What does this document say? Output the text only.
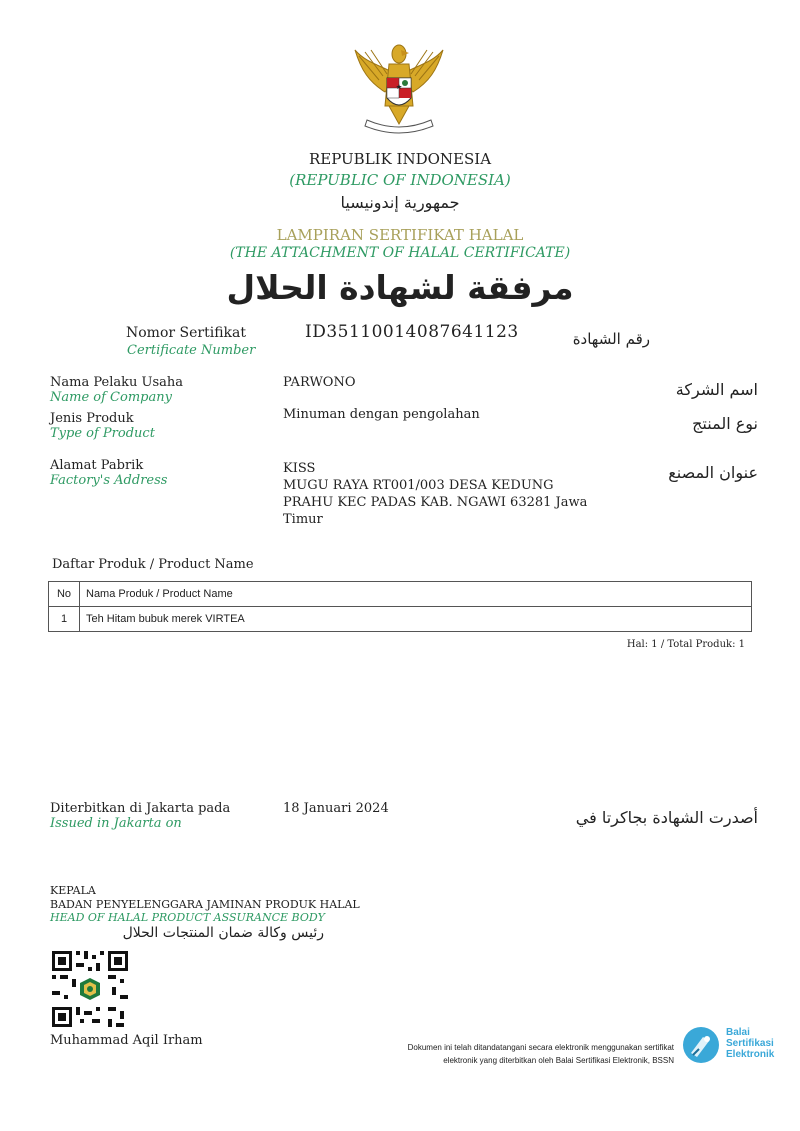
REPUBLIK INDONESIA
(REPUBLIC OF INDONESIA)
جمهورية إندونيسيا
LAMPIRAN SERTIFIKAT HALAL
(THE ATTACHMENT OF HALAL CERTIFICATE)
مرفقة لشهادة الحلال
Nomor Sertifikat
Certificate Number
ID35110014087641123	رقم الشهادة
Nama Pelaku Usaha
Name of Company
PARWONO	اسم الشركة
Jenis Produk
Type of Product
Minuman dengan pengolahan	نوع المنتج
Alamat Pabrik
Factory's Address
KISS
MUGU RAYA RT001/003 DESA KEDUNG PRAHU KEC PADAS KAB. NGAWI 63281 Jawa Timur
عنوان المصنع
Daftar Produk / Product Name
No	Nama Produk / Product Name
1	Teh Hitam bubuk merek VIRTEA
Hal: 1 / Total Produk: 1
Diterbitkan di Jakarta pada
Issued in Jakarta on
18 Januari 2024	أصدرت الشهادة بجاكرتا في
KEPALA
BADAN PENYELENGGARA JAMINAN PRODUK HALAL
HEAD OF HALAL PRODUCT ASSURANCE BODY
رئيس وكالة ضمان المنتجات الحلال
Muhammad Aqil Irham	Dokumen ini telah ditandatangani secara elektronik menggunakan sertifikat
elektronik yang diterbitkan oleh Balai Sertifikasi Elektronik, BSSN
Balai
Sertifikasi
Elektronik
